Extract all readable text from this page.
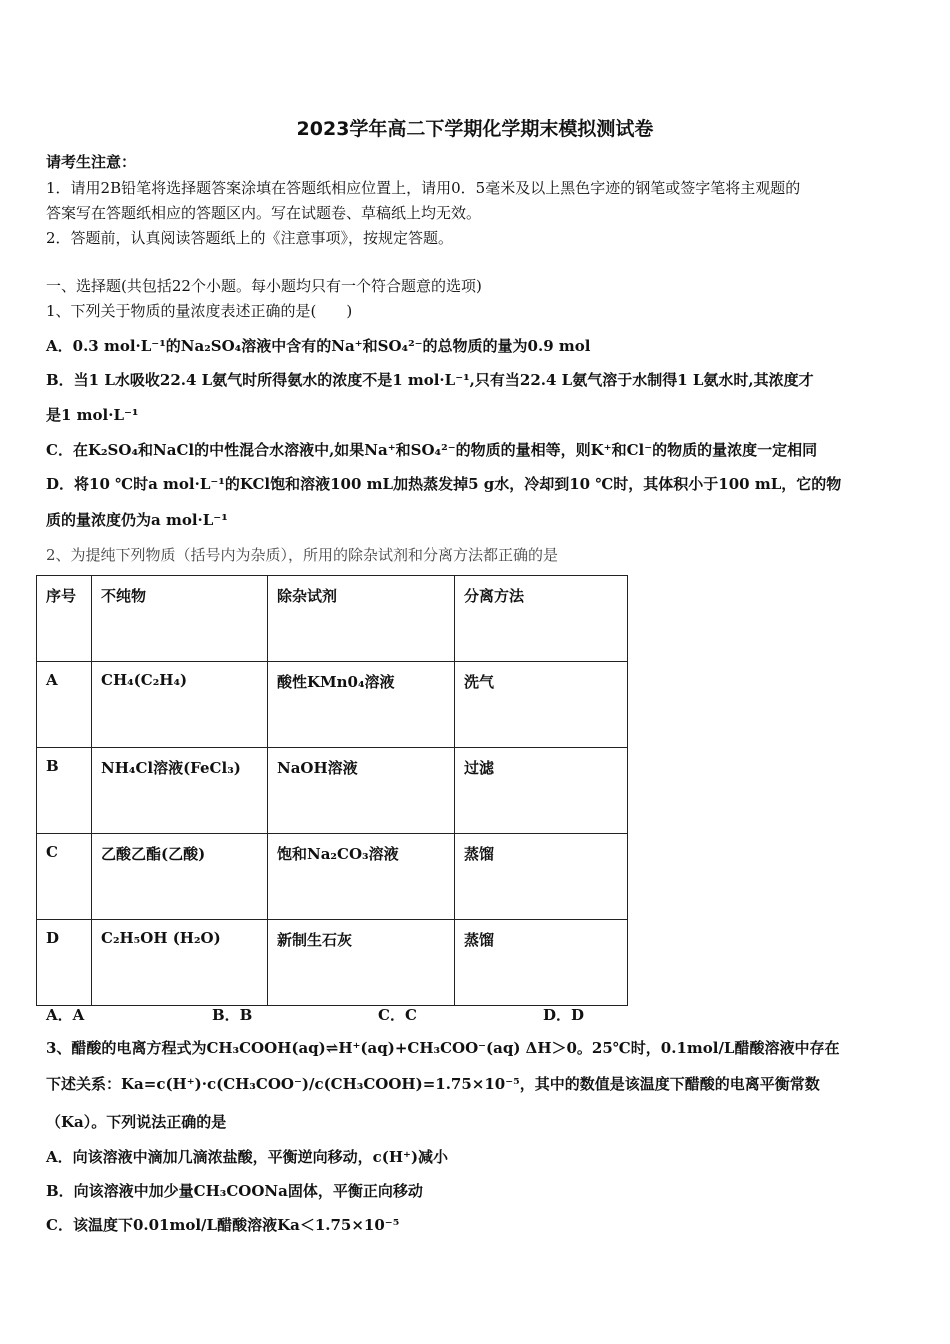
2023学年高二下学期化学期末模拟测试卷
请考生注意：
1．请用2B铅笔将选择题答案涂填在答题纸相应位置上，请用0．5毫米及以上黑色字迹的钢笔或签字笔将主观题的
答案写在答题纸相应的答题区内。写在试题卷、草稿纸上均无效。
2．答题前，认真阅读答题纸上的《注意事项》，按规定答题。
一、选择题(共包括22个小题。每小题均只有一个符合题意的选项)
1、下列关于物质的量浓度表述正确的是(　　)
A．0.3 mol·L⁻¹的Na₂SO₄溶液中含有的Na⁺和SO₄²⁻的总物质的量为0.9 mol
B．当1 L水吸收22.4 L氨气时所得氨水的浓度不是1 mol·L⁻¹,只有当22.4 L氨气溶于水制得1 L氨水时,其浓度才
是1 mol·L⁻¹
C．在K₂SO₄和NaCl的中性混合水溶液中,如果Na⁺和SO₄²⁻的物质的量相等，则K⁺和Cl⁻的物质的量浓度一定相同
D．将10 ℃时a mol·L⁻¹的KCl饱和溶液100 mL加热蒸发掉5 g水，冷却到10 ℃时，其体积小于100 mL，它的物
质的量浓度仍为a mol·L⁻¹
2、为提纯下列物质（括号内为杂质），所用的除杂试剂和分离方法都正确的是
序号	不纯物	除杂试剂	分离方法
A	CH₄(C₂H₄)	酸性KMn0₄溶液	洗气
B	NH₄Cl溶液(FeCl₃)	NaOH溶液	过滤
C	乙酸乙酯(乙酸)	饱和Na₂CO₃溶液	蒸馏
D	C₂H₅OH (H₂O)	新制生石灰	蒸馏
A．A	B．B	C．C	D．D
3、醋酸的电离方程式为CH₃COOH(aq)⇌H⁺(aq)+CH₃COO⁻(aq) ΔH＞0。25℃时，0.1mol/L醋酸溶液中存在
下述关系：Ka=c(H⁺)·c(CH₃COO⁻)/c(CH₃COOH)=1.75×10⁻⁵，其中的数值是该温度下醋酸的电离平衡常数
（Ka）。下列说法正确的是
A．向该溶液中滴加几滴浓盐酸，平衡逆向移动，c(H⁺)减小
B．向该溶液中加少量CH₃COONa固体，平衡正向移动
C．该温度下0.01mol/L醋酸溶液Ka＜1.75×10⁻⁵
